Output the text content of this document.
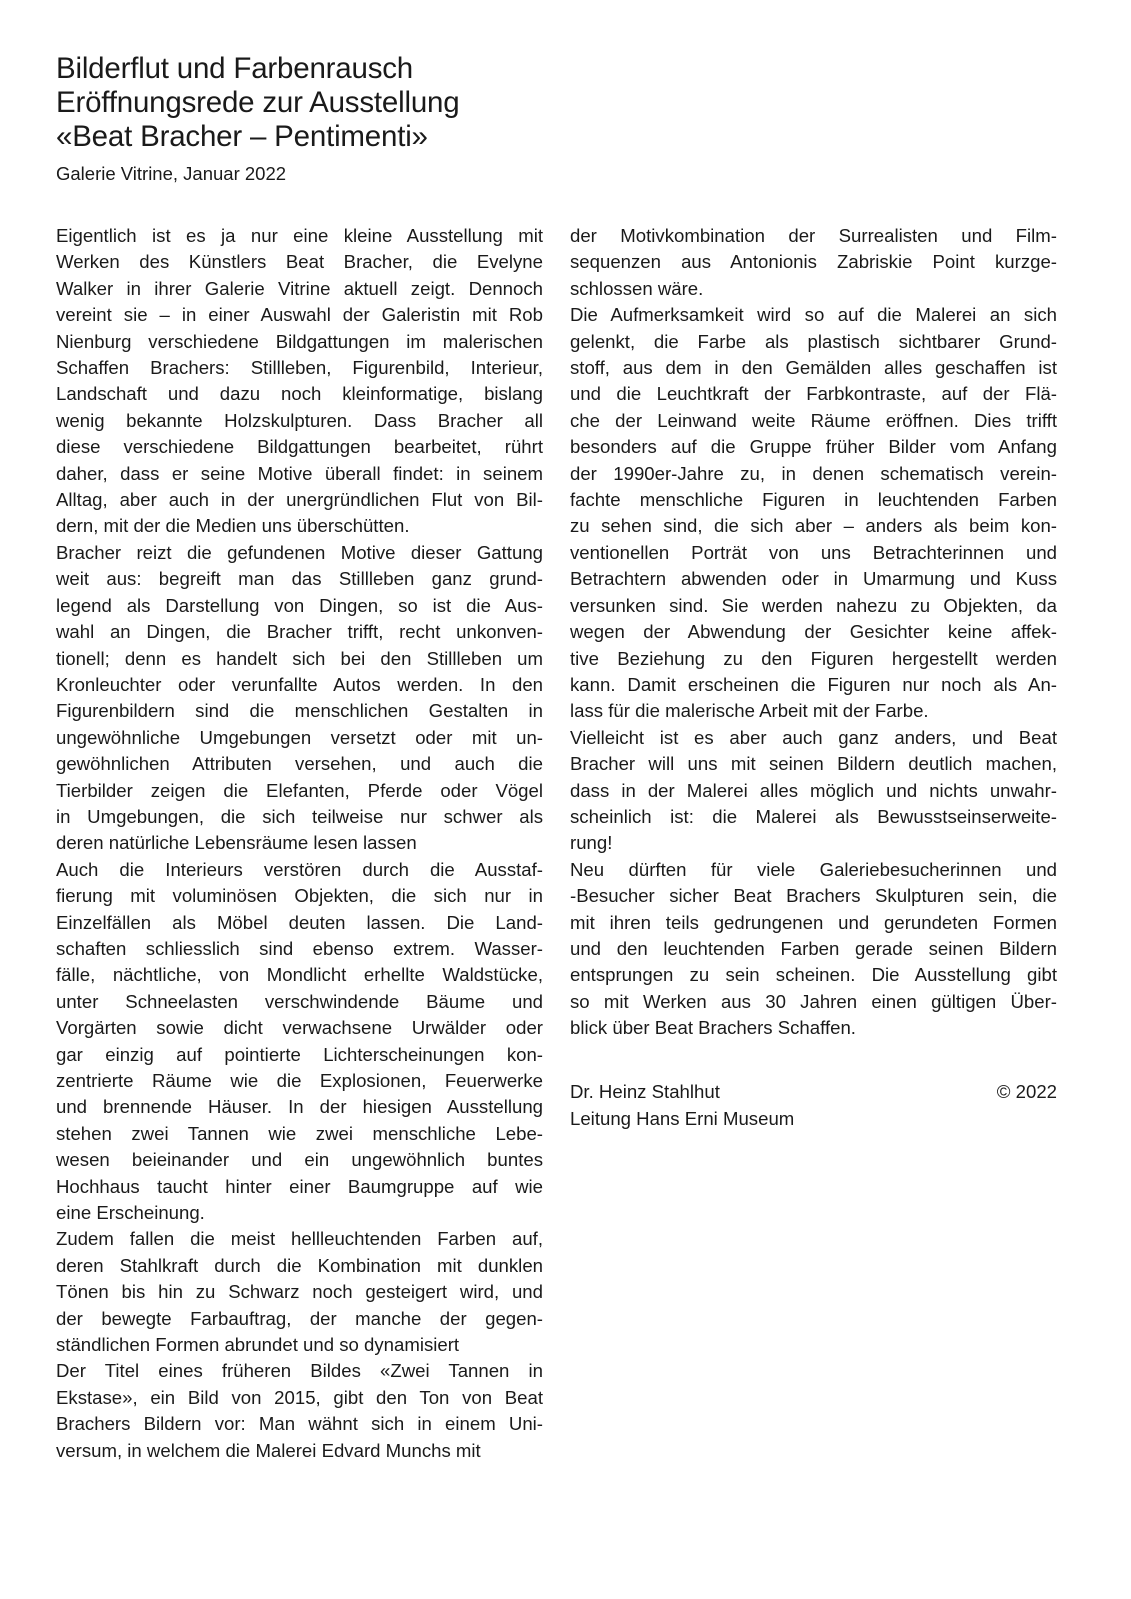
Bilderflut und Farbenrausch
Eröffnungsrede zur Ausstellung
«Beat Bracher – Pentimenti»
Galerie Vitrine, Januar 2022
Eigentlich ist es ja nur eine kleine Ausstellung mit
Werken des Künstlers Beat Bracher, die Evelyne
Walker in ihrer Galerie Vitrine aktuell zeigt. Dennoch
vereint sie – in einer Auswahl der Galeristin mit Rob
Nienburg verschiedene Bildgattungen im malerischen
Schaffen Brachers: Stillleben, Figurenbild, Interieur,
Landschaft und dazu noch kleinformatige, bislang
wenig bekannte Holzskulpturen. Dass Bracher all
diese verschiedene Bildgattungen bearbeitet, rührt
daher, dass er seine Motive überall findet: in seinem
Alltag, aber auch in der unergründlichen Flut von Bil-
dern, mit der die Medien uns überschütten.
Bracher reizt die gefundenen Motive dieser Gattung
weit aus: begreift man das Stillleben ganz grund-
legend als Darstellung von Dingen, so ist die Aus-
wahl an Dingen, die Bracher trifft, recht unkonven-
tionell; denn es handelt sich bei den Stillleben um
Kronleuchter oder verunfallte Autos werden. In den
Figurenbildern sind die menschlichen Gestalten in
ungewöhnliche Umgebungen versetzt oder mit un-
gewöhnlichen Attributen versehen, und auch die
Tierbilder zeigen die Elefanten, Pferde oder Vögel
in Umgebungen, die sich teilweise nur schwer als
deren natürliche Lebensräume lesen lassen
Auch die Interieurs verstören durch die Ausstaf-
fierung mit voluminösen Objekten, die sich nur in
Einzelfällen als Möbel deuten lassen. Die Land-
schaften schliesslich sind ebenso extrem. Wasser-
fälle, nächtliche, von Mondlicht erhellte Waldstücke,
unter Schneelasten verschwindende Bäume und
Vorgärten sowie dicht verwachsene Urwälder oder
gar einzig auf pointierte Lichterscheinungen kon-
zentrierte Räume wie die Explosionen, Feuerwerke
und brennende Häuser. In der hiesigen Ausstellung
stehen zwei Tannen wie zwei menschliche Lebe-
wesen beieinander und ein ungewöhnlich buntes
Hochhaus taucht hinter einer Baumgruppe auf wie
eine Erscheinung.
Zudem fallen die meist hellleuchtenden Farben auf,
deren Stahlkraft durch die Kombination mit dunklen
Tönen bis hin zu Schwarz noch gesteigert wird, und
der bewegte Farbauftrag, der manche der gegen-
ständlichen Formen abrundet und so dynamisiert
Der Titel eines früheren Bildes «Zwei Tannen in
Ekstase», ein Bild von 2015, gibt den Ton von Beat
Brachers Bildern vor: Man wähnt sich in einem Uni-
versum, in welchem die Malerei Edvard Munchs mit
der Motivkombination der Surrealisten und Film-
sequenzen aus Antonionis Zabriskie Point kurzge-
schlossen wäre.
Die Aufmerksamkeit wird so auf die Malerei an sich
gelenkt, die Farbe als plastisch sichtbarer Grund-
stoff, aus dem in den Gemälden alles geschaffen ist
und die Leuchtkraft der Farbkontraste, auf der Flä-
che der Leinwand weite Räume eröffnen. Dies trifft
besonders auf die Gruppe früher Bilder vom Anfang
der 1990er-Jahre zu, in denen schematisch verein-
fachte menschliche Figuren in leuchtenden Farben
zu sehen sind, die sich aber – anders als beim kon-
ventionellen Porträt von uns Betrachterinnen und
Betrachtern abwenden oder in Umarmung und Kuss
versunken sind. Sie werden nahezu zu Objekten, da
wegen der Abwendung der Gesichter keine affek-
tive Beziehung zu den Figuren hergestellt werden
kann. Damit erscheinen die Figuren nur noch als An-
lass für die malerische Arbeit mit der Farbe.
Vielleicht ist es aber auch ganz anders, und Beat
Bracher will uns mit seinen Bildern deutlich machen,
dass in der Malerei alles möglich und nichts unwahr-
scheinlich ist: die Malerei als Bewusstseinserweite-
rung!
Neu dürften für viele Galeriebesucherinnen und
-Besucher sicher Beat Brachers Skulpturen sein, die
mit ihren teils gedrungenen und gerundeten Formen
und den leuchtenden Farben gerade seinen Bildern
entsprungen zu sein scheinen. Die Ausstellung gibt
so mit Werken aus 30 Jahren einen gültigen Über-
blick über Beat Brachers Schaffen.
Dr. Heinz Stahlhut	© 2022
Leitung Hans Erni Museum
